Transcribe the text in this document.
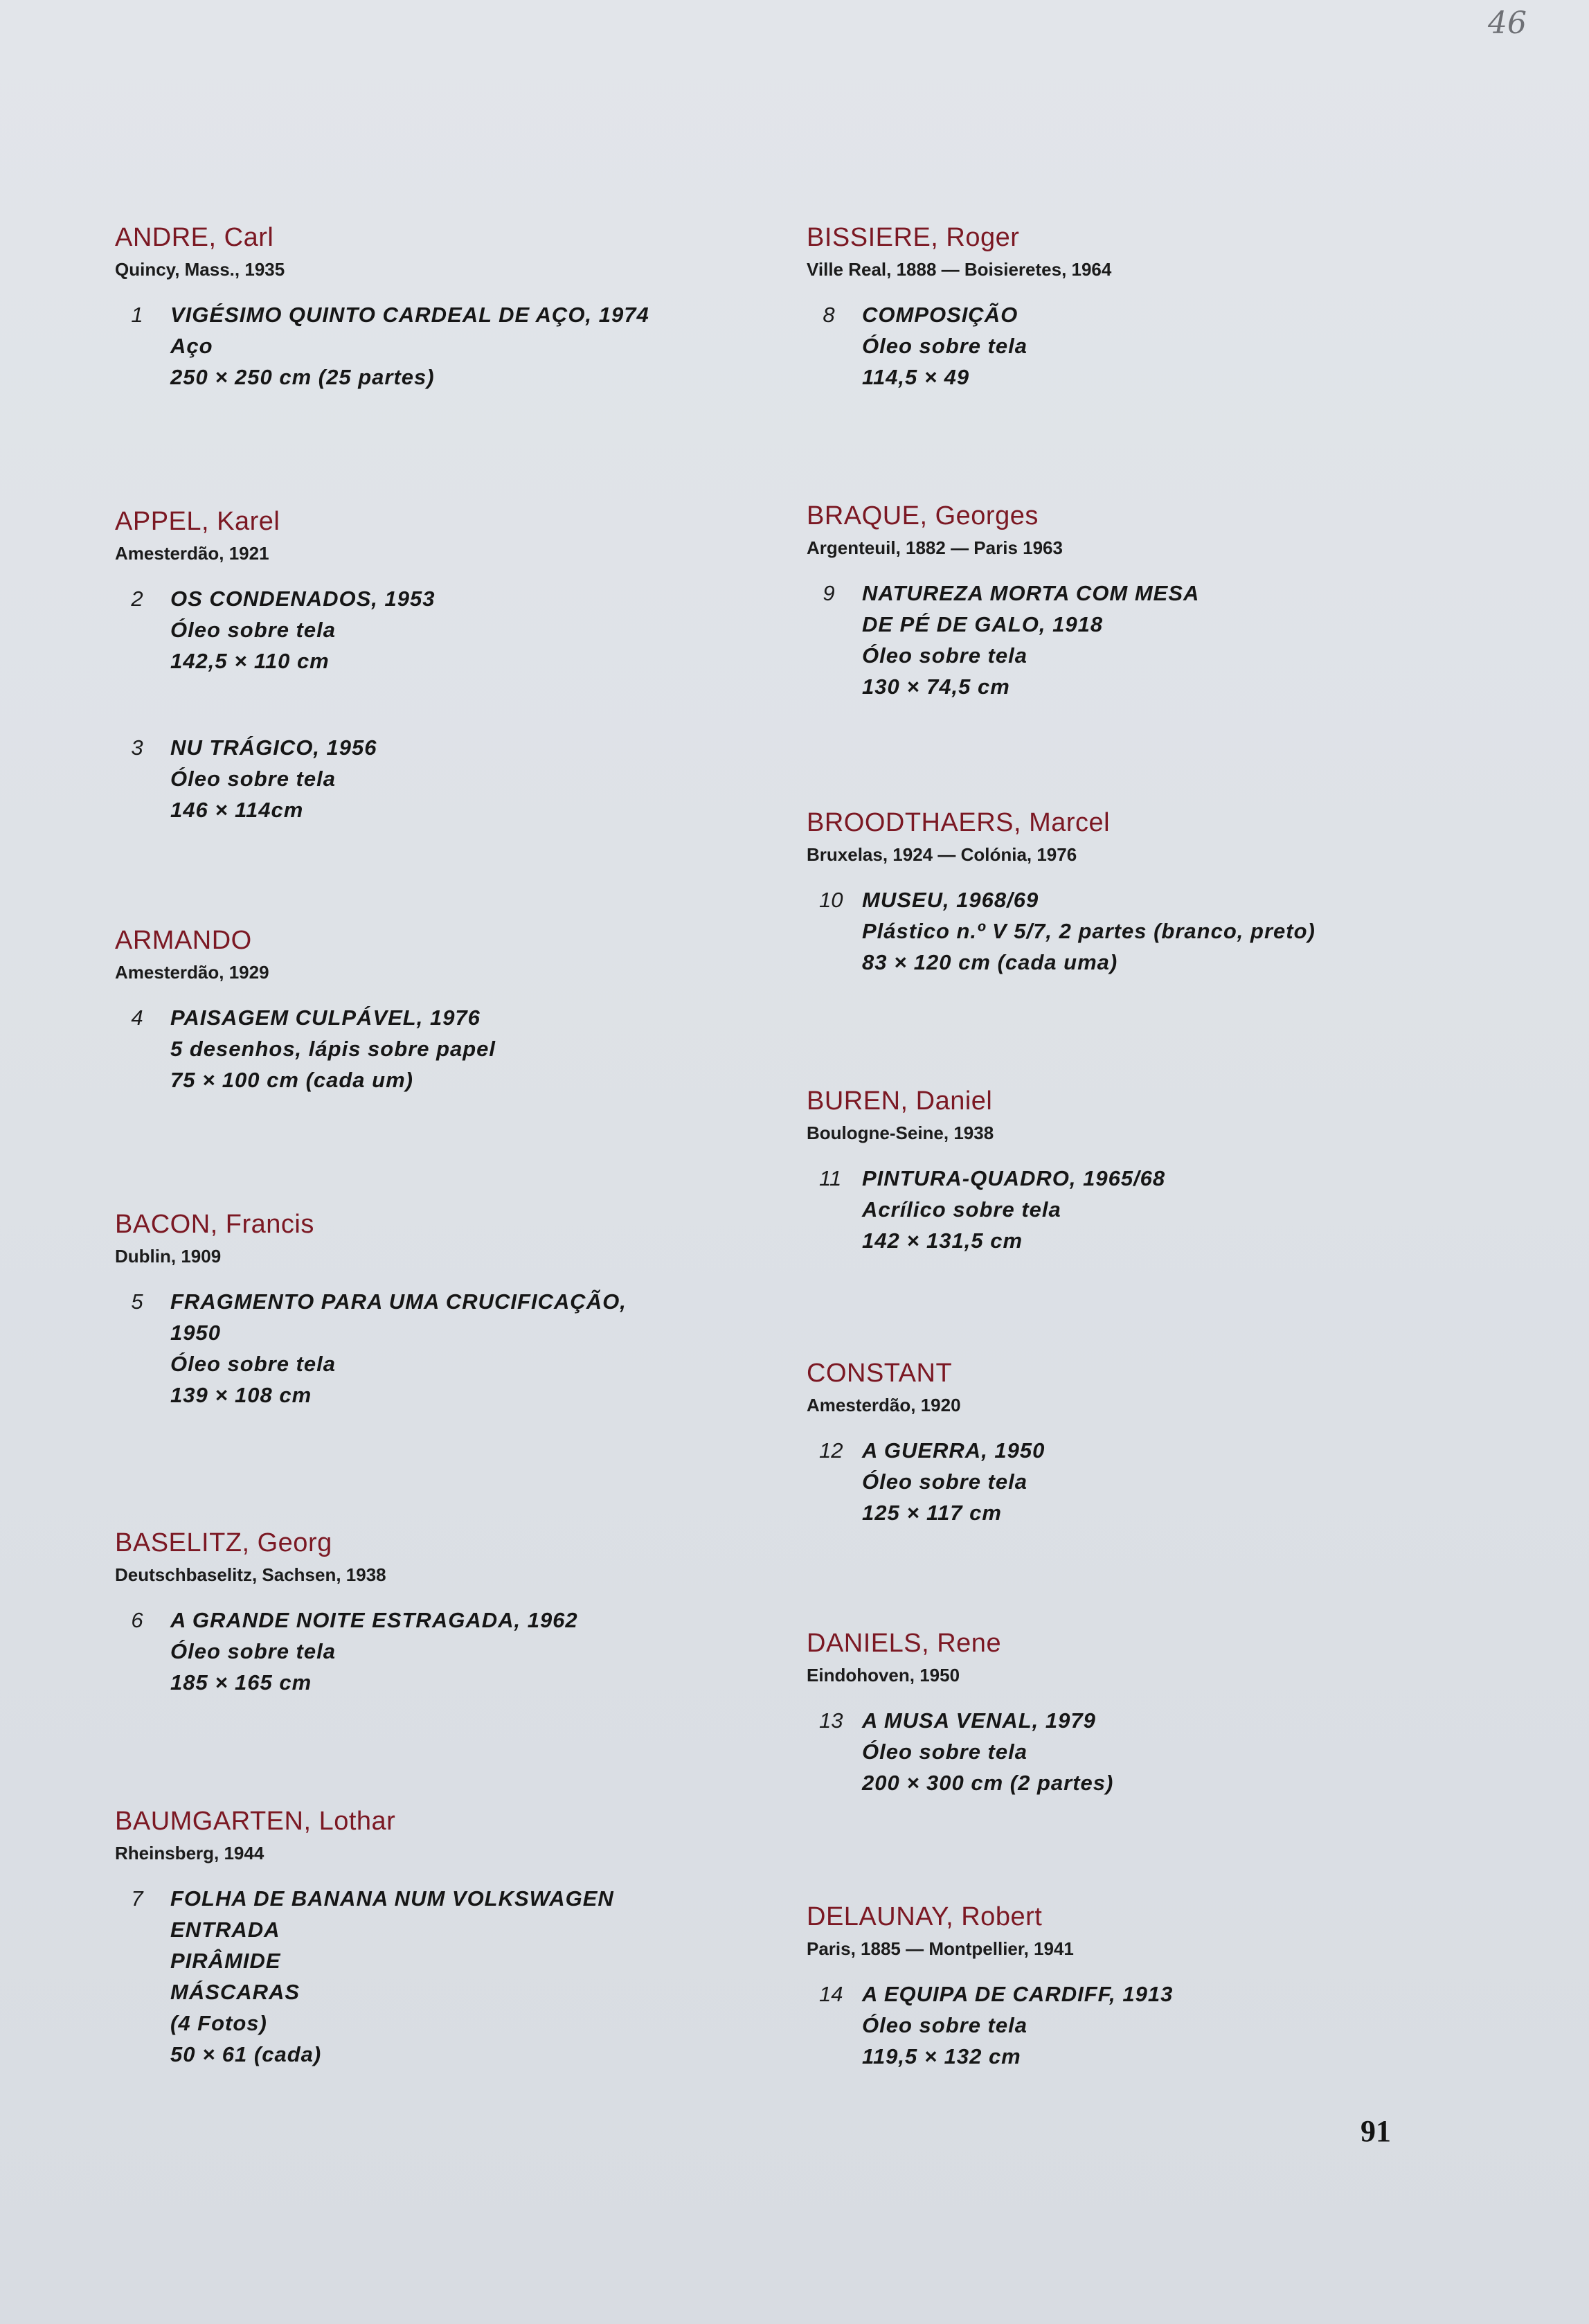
46
ANDRE, Carl
Quincy, Mass., 1935
1 VIGÉSIMO QUINTO CARDEAL DE AÇO, 1974
Aço
250 × 250 cm (25 partes)
APPEL, Karel
Amesterdão, 1921
2 OS CONDENADOS, 1953
Óleo sobre tela
142,5 × 110 cm
3 NU TRÁGICO, 1956
Óleo sobre tela
146 × 114cm
ARMANDO
Amesterdão, 1929
4 PAISAGEM CULPÁVEL, 1976
5 desenhos, lápis sobre papel
75 × 100 cm (cada um)
BACON, Francis
Dublin, 1909
5 FRAGMENTO PARA UMA CRUCIFICAÇÃO,
1950
Óleo sobre tela
139 × 108 cm
BASELITZ, Georg
Deutschbaselitz, Sachsen, 1938
6 A GRANDE NOITE ESTRAGADA, 1962
Óleo sobre tela
185 × 165 cm
BAUMGARTEN, Lothar
Rheinsberg, 1944
7 FOLHA DE BANANA NUM VOLKSWAGEN
ENTRADA
PIRÂMIDE
MÁSCARAS
(4 Fotos)
50 × 61 (cada)
BISSIERE, Roger
Ville Real, 1888 — Boisieretes, 1964
8 COMPOSIÇÃO
Óleo sobre tela
114,5 × 49
BRAQUE, Georges
Argenteuil, 1882 — Paris 1963
9 NATUREZA MORTA COM MESA
DE PÉ DE GALO, 1918
Óleo sobre tela
130 × 74,5 cm
BROODTHAERS, Marcel
Bruxelas, 1924 — Colónia, 1976
10 MUSEU, 1968/69
Plástico n.º V 5/7, 2 partes (branco, preto)
83 × 120 cm (cada uma)
BUREN, Daniel
Boulogne-Seine, 1938
11 PINTURA-QUADRO, 1965/68
Acrílico sobre tela
142 × 131,5 cm
CONSTANT
Amesterdão, 1920
12 A GUERRA, 1950
Óleo sobre tela
125 × 117 cm
DANIELS, Rene
Eindohoven, 1950
13 A MUSA VENAL, 1979
Óleo sobre tela
200 × 300 cm (2 partes)
DELAUNAY, Robert
Paris, 1885 — Montpellier, 1941
14 A EQUIPA DE CARDIFF, 1913
Óleo sobre tela
119,5 × 132 cm
91
